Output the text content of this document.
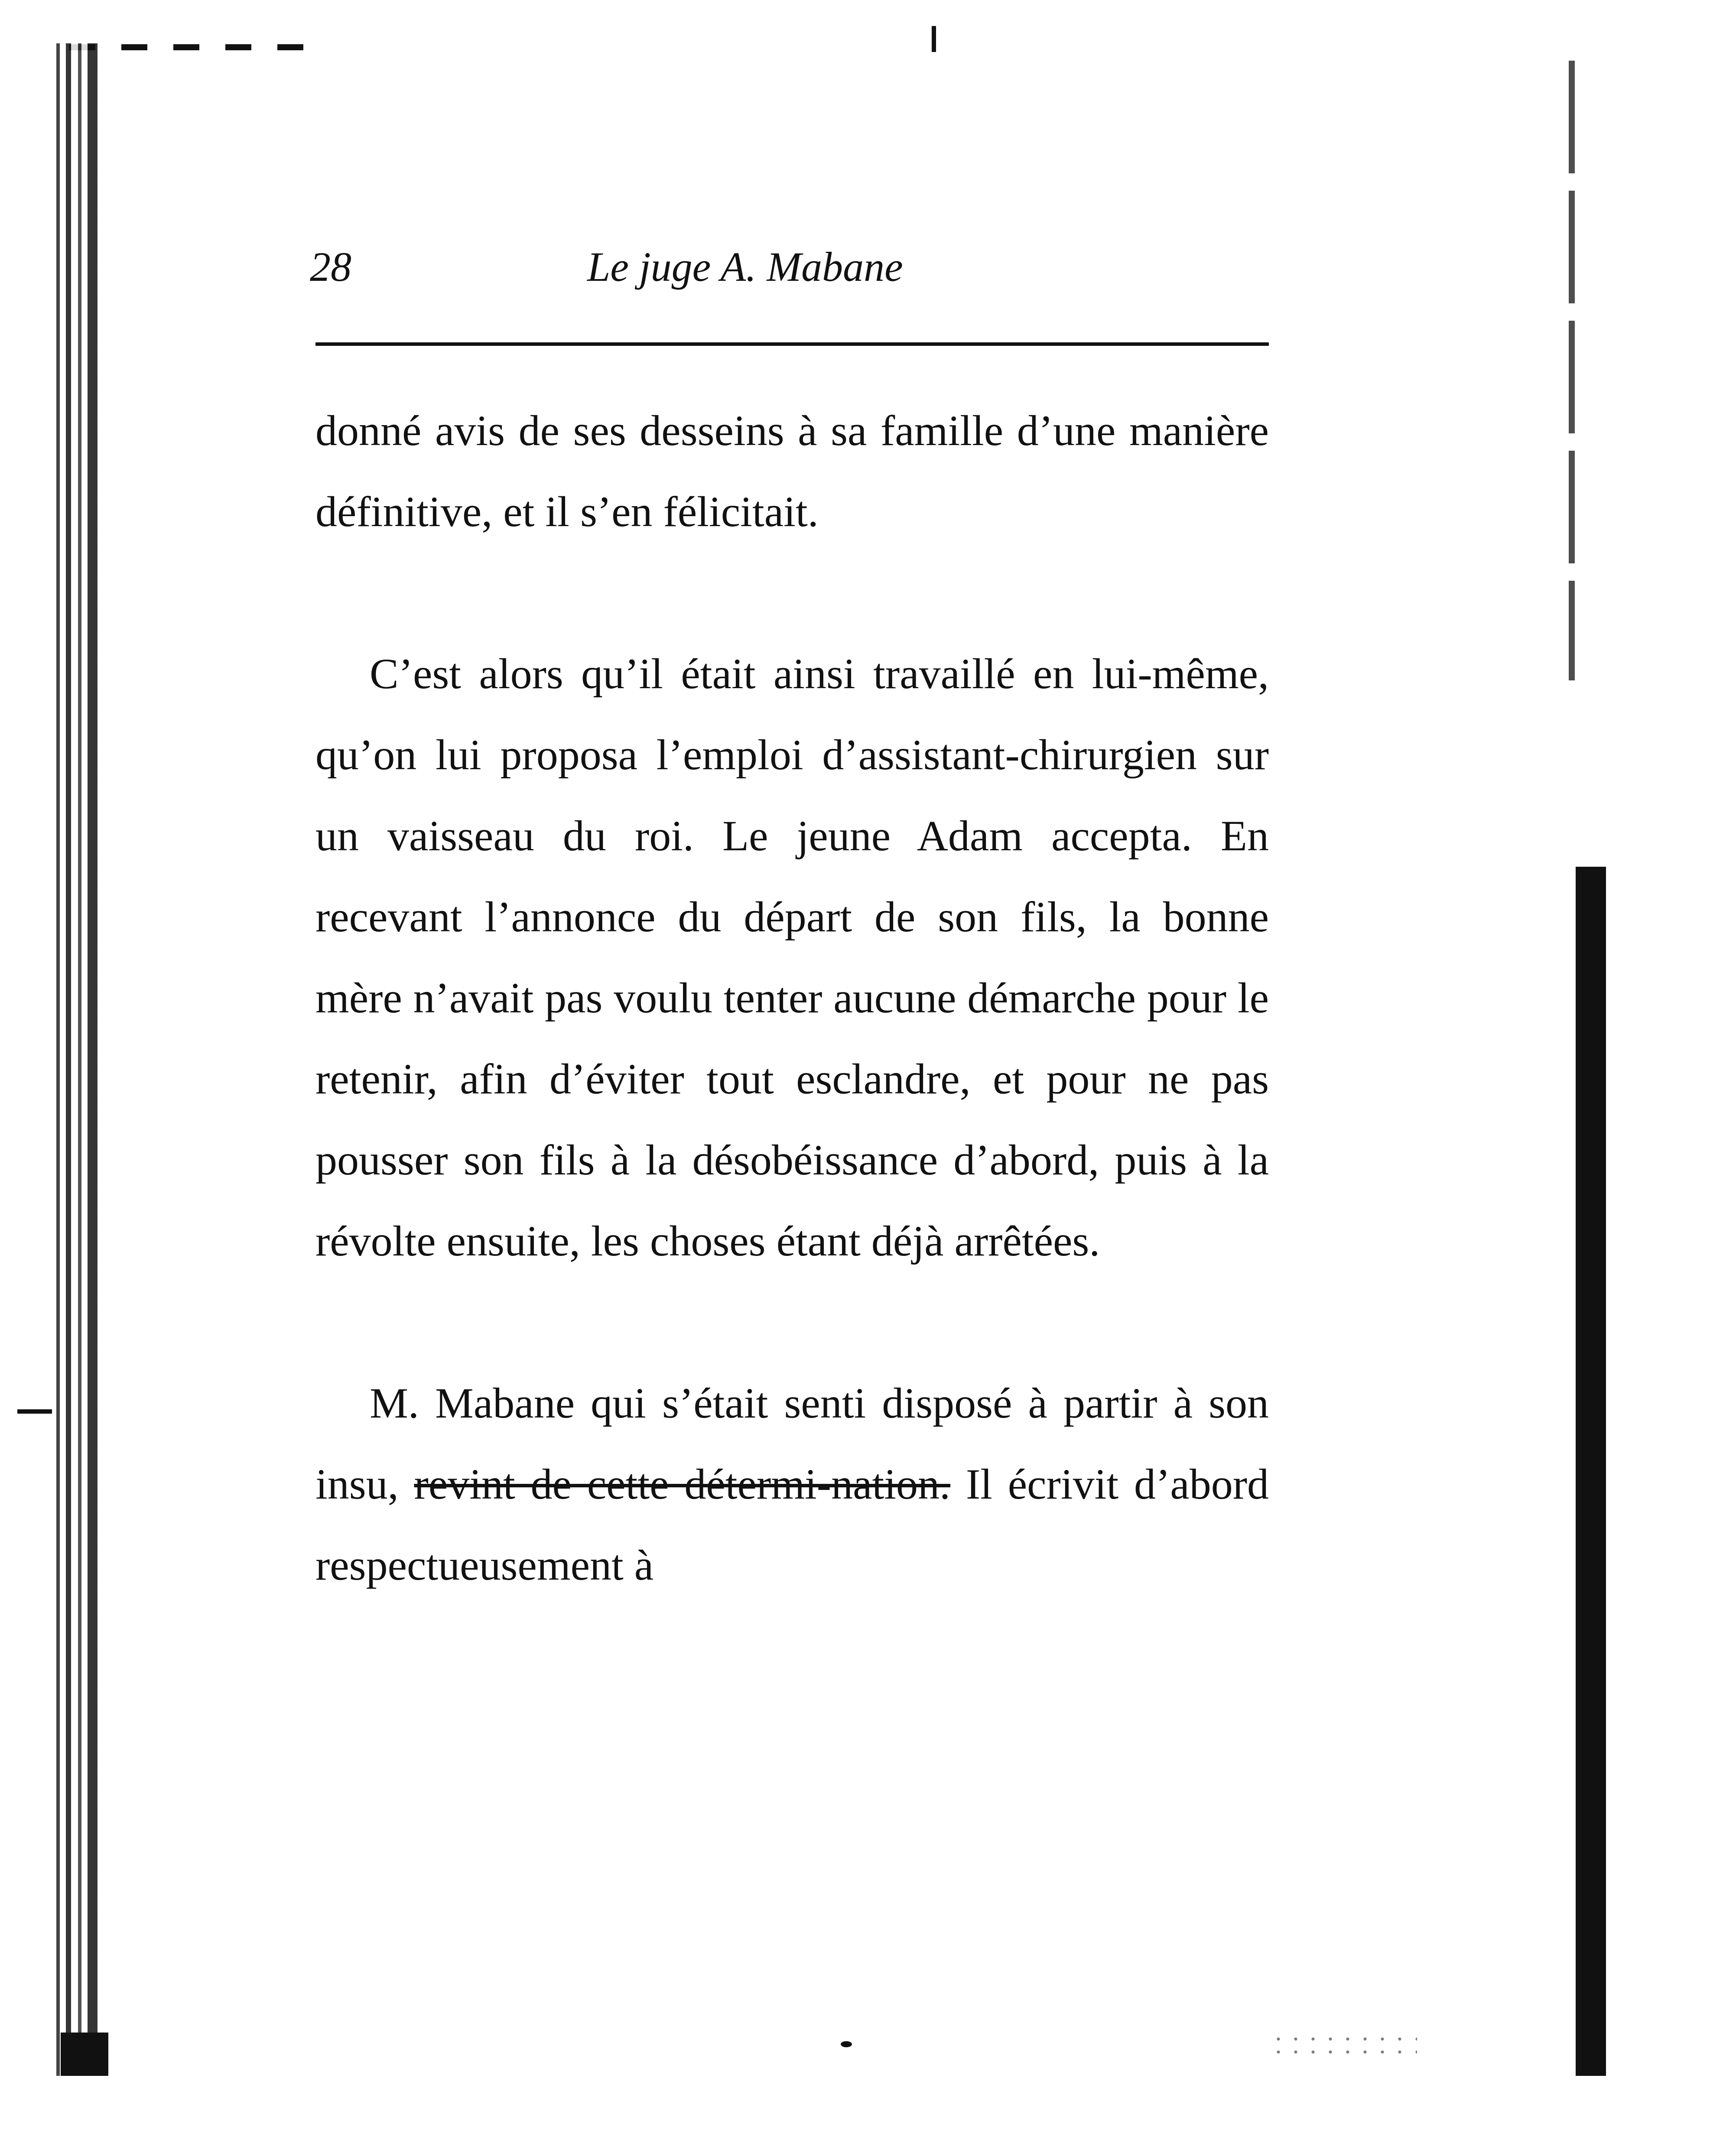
28	Le juge A. Mabane

donné avis de ses desseins à sa famille d’une manière définitive, et il s’en félicitait.

C’est alors qu’il était ainsi travaillé en lui-même, qu’on lui proposa l’emploi d’assistant-chirurgien sur un vaisseau du roi. Le jeune Adam accepta. En recevant l’annonce du départ de son fils, la bonne mère n’avait pas voulu tenter aucune démarche pour le retenir, afin d’éviter tout esclandre, et pour ne pas pousser son fils à la désobéissance d’abord, puis à la révolte ensuite, les choses étant déjà arrêtées.

M. Mabane qui s’était senti disposé à partir à son insu, revint de cette détermi-nation. Il écrivit d’abord respectueusement à
